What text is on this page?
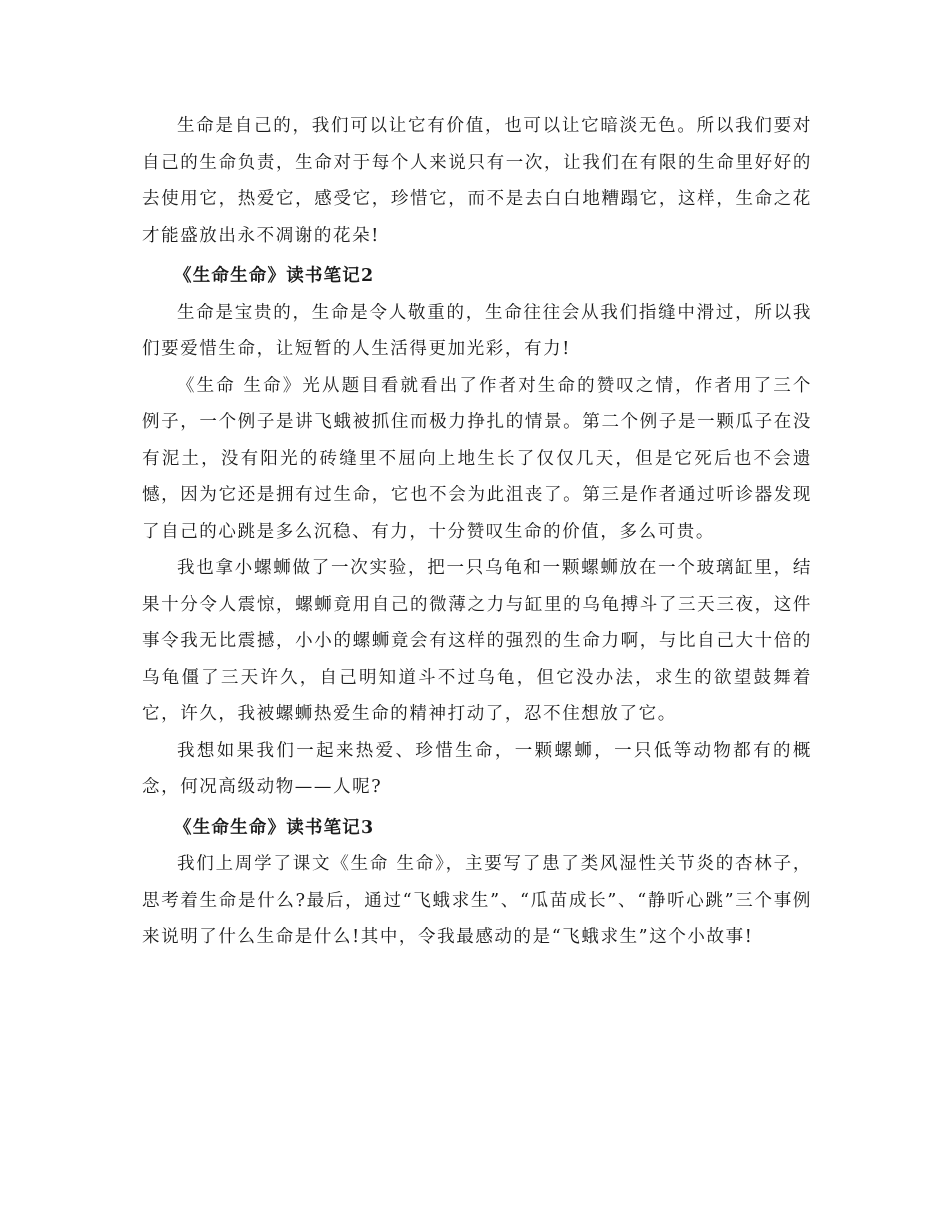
生命是自己的，我们可以让它有价值，也可以让它暗淡无色。所以我们要对自己的生命负责，生命对于每个人来说只有一次，让我们在有限的生命里好好的去使用它，热爱它，感受它，珍惜它，而不是去白白地糟蹋它，这样，生命之花才能盛放出永不凋谢的花朵!

《生命生命》读书笔记2

生命是宝贵的，生命是令人敬重的，生命往往会从我们指缝中滑过，所以我们要爱惜生命，让短暂的人生活得更加光彩，有力!

《生命 生命》光从题目看就看出了作者对生命的赞叹之情，作者用了三个例子，一个例子是讲飞蛾被抓住而极力挣扎的情景。第二个例子是一颗瓜子在没有泥土，没有阳光的砖缝里不屈向上地生长了仅仅几天，但是它死后也不会遗憾，因为它还是拥有过生命，它也不会为此沮丧了。第三是作者通过听诊器发现了自己的心跳是多么沉稳、有力，十分赞叹生命的价值，多么可贵。

我也拿小螺蛳做了一次实验，把一只乌龟和一颗螺蛳放在一个玻璃缸里，结果十分令人震惊，螺蛳竟用自己的微薄之力与缸里的乌龟搏斗了三天三夜，这件事令我无比震撼，小小的螺蛳竟会有这样的强烈的生命力啊，与比自己大十倍的乌龟僵了三天许久，自己明知道斗不过乌龟，但它没办法，求生的欲望鼓舞着它，许久，我被螺蛳热爱生命的精神打动了，忍不住想放了它。

我想如果我们一起来热爱、珍惜生命，一颗螺蛳，一只低等动物都有的概念，何况高级动物——人呢?

《生命生命》读书笔记3

我们上周学了课文《生命 生命》，主要写了患了类风湿性关节炎的杏林子，思考着生命是什么?最后，通过“飞蛾求生”、“瓜苗成长”、“静听心跳”三个事例来说明了什么生命是什么!其中，令我最感动的是“飞蛾求生”这个小故事!
